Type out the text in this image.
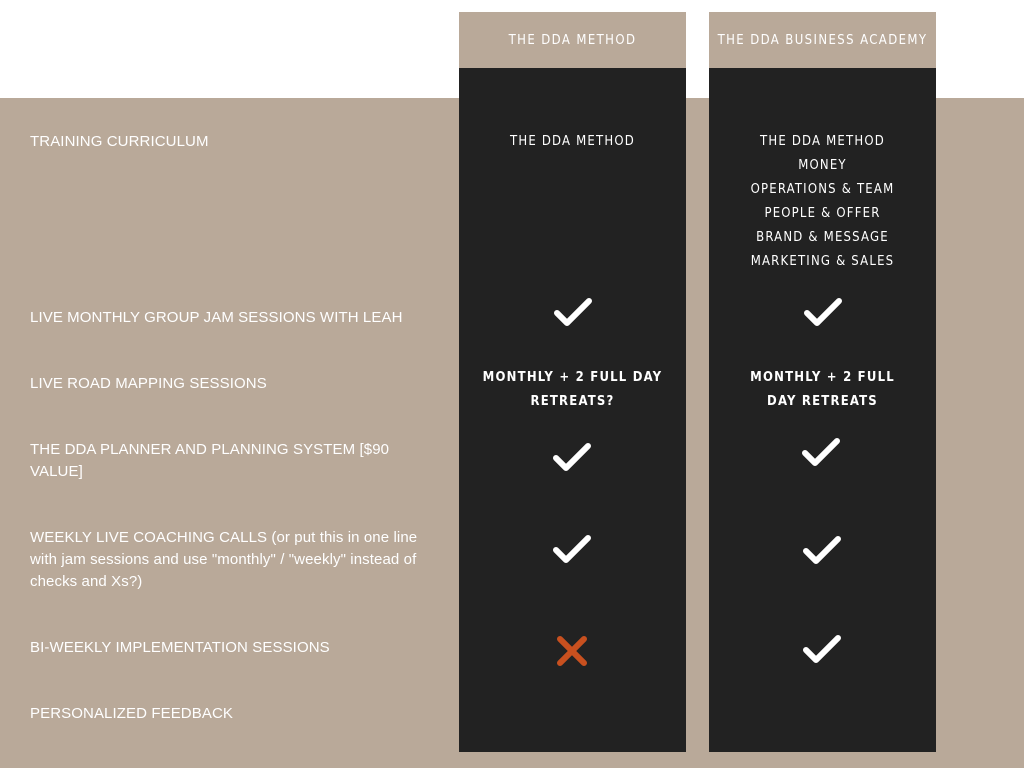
THE DDA METHOD	THE DDA BUSINESS ACADEMY
TRAINING CURRICULUM
LIVE MONTHLY GROUP JAM SESSIONS WITH LEAH
LIVE ROAD MAPPING SESSIONS
THE DDA PLANNER AND PLANNING SYSTEM [$90 VALUE]
WEEKLY LIVE COACHING CALLS (or put this in one line with jam sessions and use "monthly" / "weekly" instead of checks and Xs?)
BI-WEEKLY IMPLEMENTATION SESSIONS
PERSONALIZED FEEDBACK
THE DDA METHOD	THE DDA METHOD
MONEY
OPERATIONS & TEAM
PEOPLE & OFFER
BRAND & MESSAGE
MARKETING & SALES
MONTHLY + 2 FULL DAY
RETREATS?
MONTHLY + 2 FULL
DAY RETREATS
